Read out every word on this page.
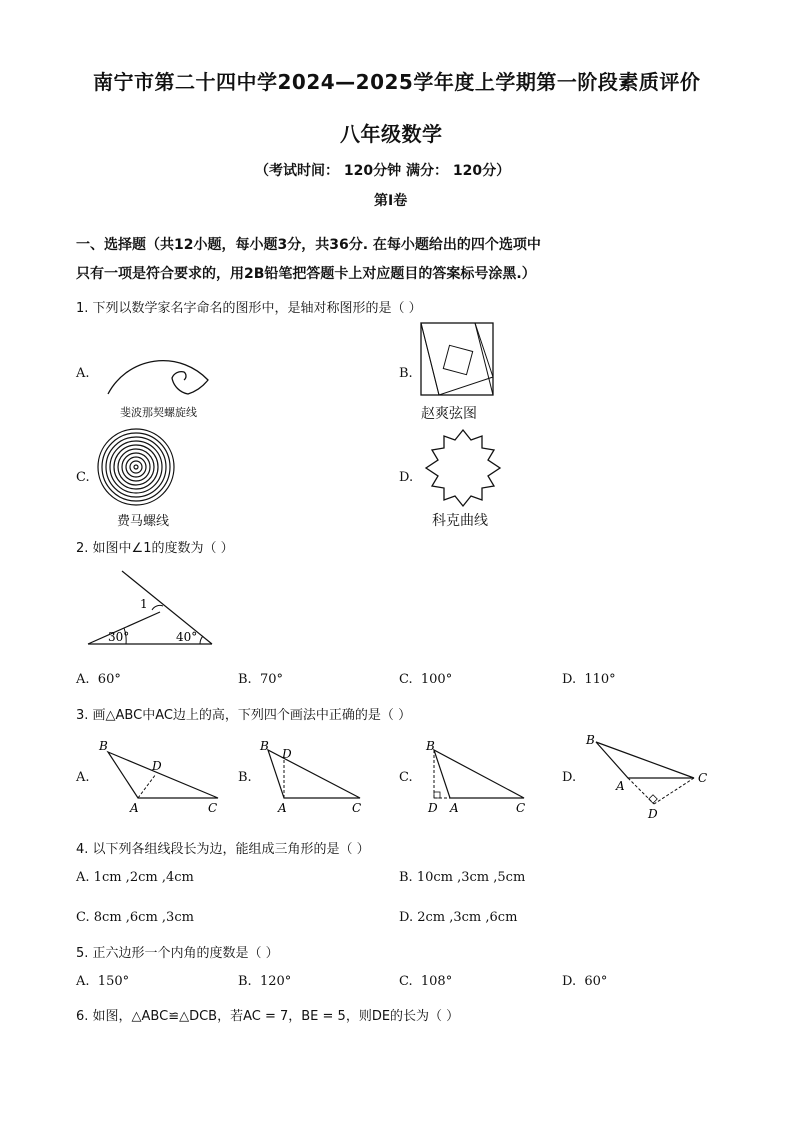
南宁市第二十四中学2024—2025学年度上学期第一阶段素质评价
八年级数学
（考试时间： 120分钟 满分： 120分）
第Ⅰ卷
一、选择题（共12小题，每小题3分，共36分. 在每小题给出的四个选项中
只有一项是符合要求的，用2B铅笔把答题卡上对应题目的答案标号涂黑.）
1. 下列以数学家名字命名的图形中，是轴对称图形的是（ ）
A.
斐波那契螺旋线
B.
赵爽弦图
C.
费马螺线
D.
科克曲线
2. 如图中∠1的度数为（ ）
1
30°	40°
A. 60°	B. 70°	C. 100°	D. 110°
3. 画△ABC中AC边上的高，下列四个画法中正确的是（ ）
A.
B
D
A	C
B.
B
D
A	C
C.
B
D A	C
D.
B
A
C
D
4. 以下列各组线段长为边，能组成三角形的是（ ）
A. 1cm ,2cm ,4cm	B. 10cm ,3cm ,5cm
C. 8cm ,6cm ,3cm	D. 2cm ,3cm ,6cm
5. 正六边形一个内角的度数是（ ）
A. 150°	B. 120°	C. 108°	D. 60°
6. 如图，△ABC≌△DCB，若AC = 7，BE = 5，则DE的长为（ ）
